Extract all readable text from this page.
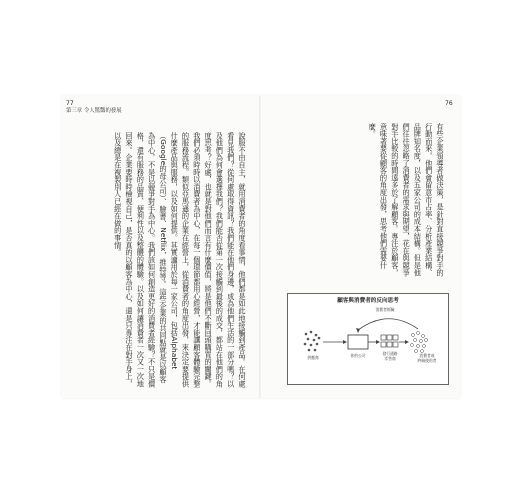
77
第三章 令人驚豔的發展
76
說服不由自主，就用消費者的角度看事情，他們都是如此地接觸到產品。在何處看見我們？從何處取得資訊？我們能在他們身邊，成為他們生活的一部分嗎？以及他們為何會選擇我們？我們能否從第一次接觸到最後的成交，都站在他們的角度思考？好處，也就是對他們而言有什麼價值，將是他們不斷回頭購買的關鍵。我們必須時時以消費者為中心，在每一個環節都用心經營，才能讓顧客體驗完整的服務流程。類似亞馬遜的企業在經營上，從消費者的角度出發，來決定要提供什麼產品與服務，以及如何提供。其實適用於每一家公司，包括Alphabet（Google的母公司）、臉書、Netflix，推特等。這些企業的共同點就是以顧客為中心，不是以競爭對手為中心。我們該如何創造更好的消費者經驗？不只是價格，還有服務的品質、便利性以及整體的體驗。以及如何讓消費者一次又一次地回來。企業要時時檢視自己，是否真的以顧客為中心，還是只專注在對手身上，以及總是在複製別人已經在做的事情。	有些企業領導者做決策，是針對直接競爭對手的行動而來，他們會留意市占率、分析產業結構、品牌知名度，以及五家公司的成本結構。但是他們往往忽略了消費者的需求與期望，花在與競爭對手比較的時間遠多於了解顧客。專注於顧客，意味著要從顧客的角度出發，思考他們需要什麼。
顧客與消費者的反向思考
消費者經驗
供應商	你的公司	發行通路
零售商
消費者或
終端使用者
